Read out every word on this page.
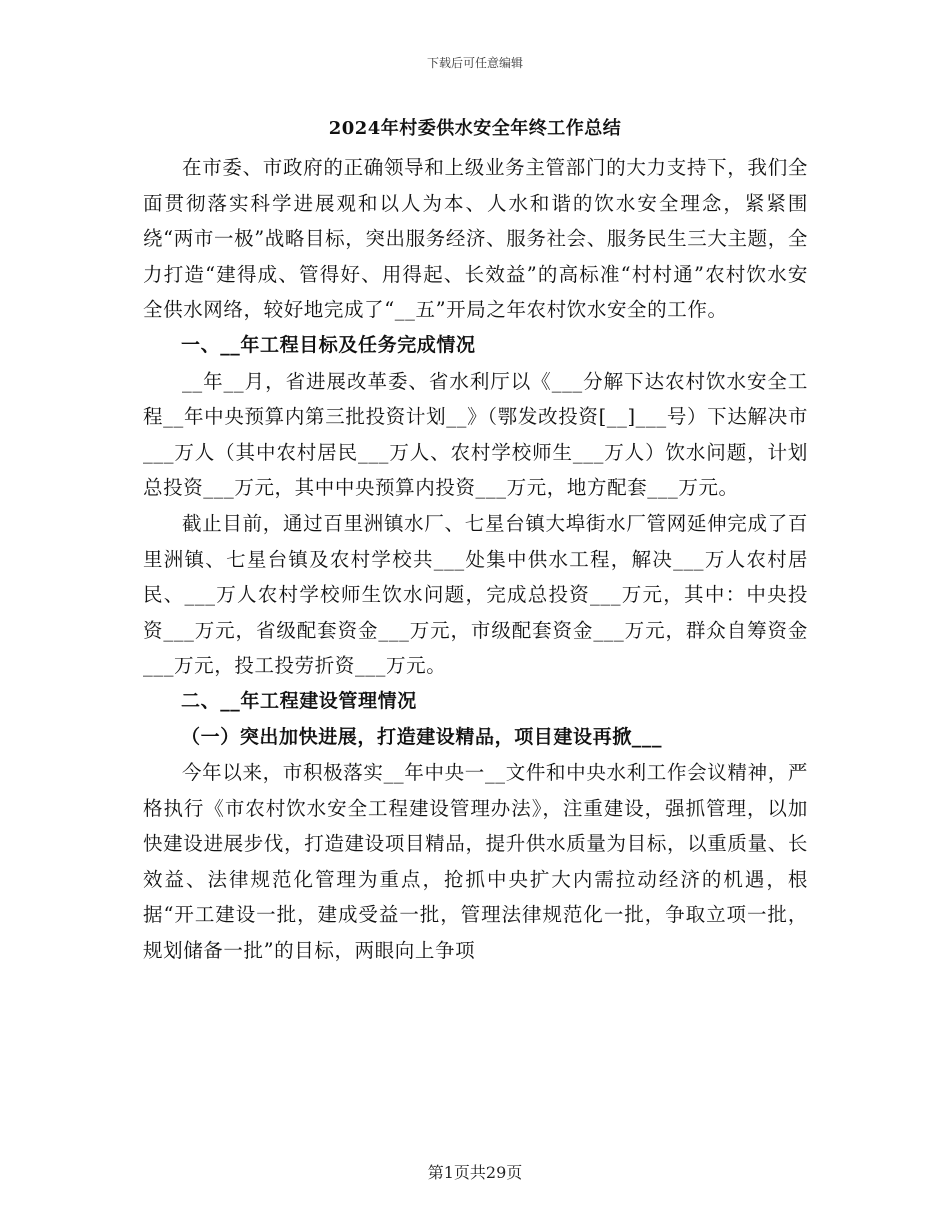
下载后可任意编辑
2024年村委供水安全年终工作总结

在市委、市政府的正确领导和上级业务主管部门的大力支持下，我们全面贯彻落实科学进展观和以人为本、人水和谐的饮水安全理念，紧紧围绕“两市一极”战略目标，突出服务经济、服务社会、服务民生三大主题，全力打造“建得成、管得好、用得起、长效益”的高标准“村村通”农村饮水安全供水网络，较好地完成了“__五”开局之年农村饮水安全的工作。

一、__年工程目标及任务完成情况

__年__月，省进展改革委、省水利厅以《___分解下达农村饮水安全工程__年中央预算内第三批投资计划__》（鄂发改投资[__]___号）下达解决市___万人（其中农村居民___万人、农村学校师生___万人）饮水问题，计划总投资___万元，其中中央预算内投资___万元，地方配套___万元。

截止目前，通过百里洲镇水厂、七星台镇大埠街水厂管网延伸完成了百里洲镇、七星台镇及农村学校共___处集中供水工程，解决___万人农村居民、___万人农村学校师生饮水问题，完成总投资___万元，其中：中央投资___万元，省级配套资金___万元，市级配套资金___万元，群众自筹资金___万元，投工投劳折资___万元。

二、__年工程建设管理情况

（一）突出加快进展，打造建设精品，项目建设再掀___

今年以来，市积极落实__年中央一__文件和中央水利工作会议精神，严格执行《市农村饮水安全工程建设管理办法》，注重建设，强抓管理，以加快建设进展步伐，打造建设项目精品，提升供水质量为目标，以重质量、长效益、法律规范化管理为重点，抢抓中央扩大内需拉动经济的机遇，根据“开工建设一批，建成受益一批，管理法律规范化一批，争取立项一批，规划储备一批”的目标，两眼向上争项

第1页共29页
